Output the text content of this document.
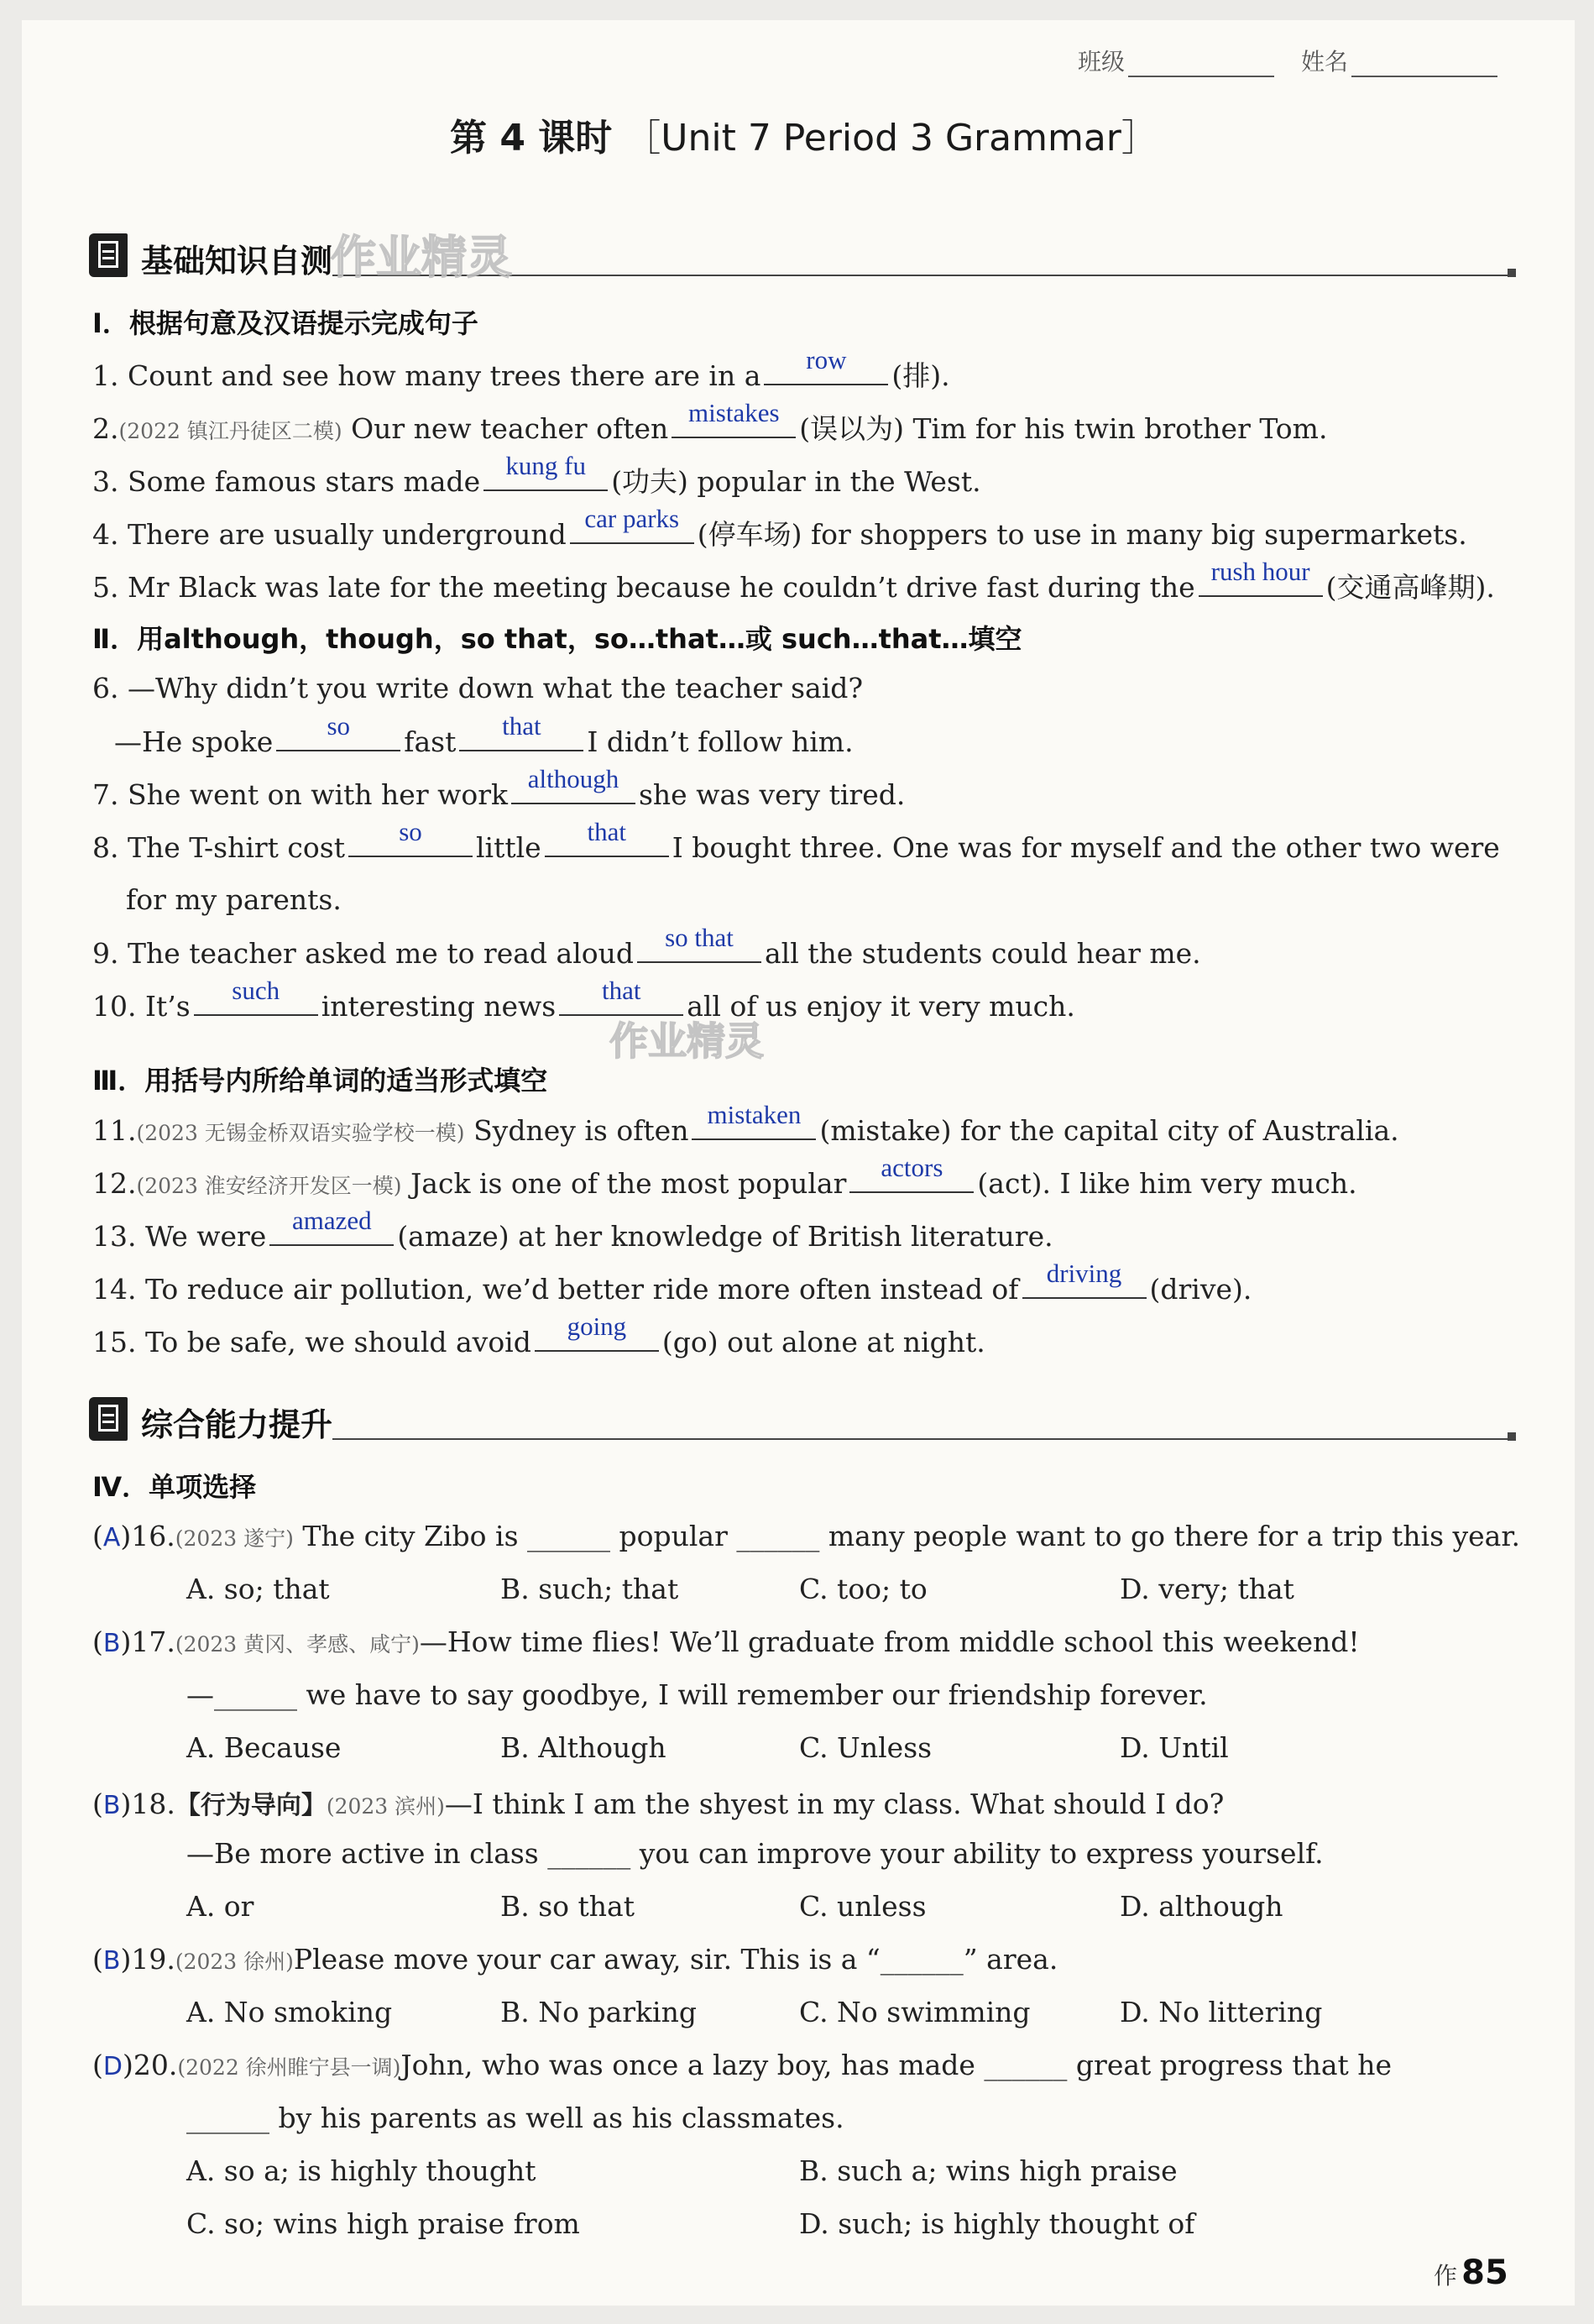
班级	姓名
第 4 课时 ［Unit 7 Period 3 Grammar］
基础知识自测
作业精灵
Ⅰ．根据句意及汉语提示完成句子
1. Count and see how many trees there are in a	row	(排).
2.(2022 镇江丹徒区二模) Our new teacher often mistakes (误以为) Tim for his twin brother Tom.
3. Some famous stars made kung fu (功夫) popular in the West.
4. There are usually underground car parks (停车场) for shoppers to use in many big supermarkets.
5. Mr Black was late for the meeting because he couldn’t drive fast during the rush hour (交通高峰期).
Ⅱ．用although，though，so that，so…that…或 such…that…填空
6. —Why didn’t you write down what the teacher said?
—He spoke	so	fast	that	I didn’t follow him.
7. She went on with her work although she was very tired.
8. The T-shirt cost	so	little	that	I bought three. One was for myself and the other two were
for my parents.
9. The teacher asked me to read aloud	so that	all the students could hear me.
10. It’s	such	interesting news	that	all of us enjoy it very much.
作业精灵
Ⅲ．用括号内所给单词的适当形式填空
11.(2023 无锡金桥双语实验学校一模) Sydney is often mistaken (mistake) for the capital city of Australia.
12.(2023 淮安经济开发区一模) Jack is one of the most popular	actors	(act). I like him very much.
13. We were amazed (amaze) at her knowledge of British literature.
14. To reduce air pollution, we’d better ride more often instead of	driving	(drive).
15. To be safe, we should avoid	going	(go) out alone at night.
综合能力提升
Ⅳ．单项选择
(A)16.(2023 遂宁) The city Zibo is ______ popular ______ many people want to go there for a trip this year.
A. so; that	B. such; that	C. too; to	D. very; that
(B)17.(2023 黄冈、孝感、咸宁)—How time flies! We’ll graduate from middle school this weekend!
—______ we have to say goodbye, I will remember our friendship forever.
A. Because	B. Although	C. Unless	D. Until
(B)18.【行为导向】(2023 滨州)—I think I am the shyest in my class. What should I do?
—Be more active in class ______ you can improve your ability to express yourself.
A. or	B. so that	C. unless	D. although
(B)19.(2023 徐州)Please move your car away, sir. This is a “______” area.
A. No smoking	B. No parking	C. No swimming	D. No littering
(D)20.(2022 徐州睢宁县一调)John, who was once a lazy boy, has made ______ great progress that he
______ by his parents as well as his classmates.
A. so a; is highly thought	B. such a; wins high praise
C. so; wins high praise from	D. such; is highly thought of
作 85
